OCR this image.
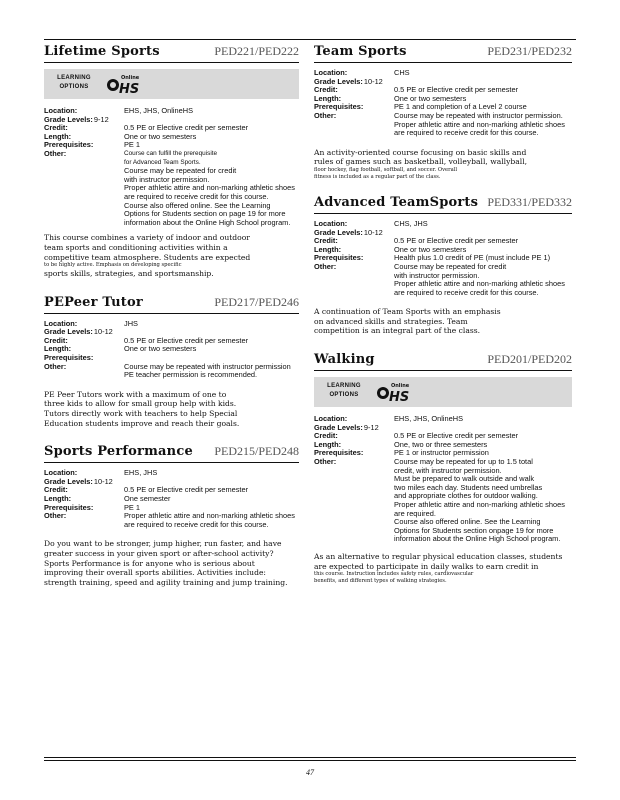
Lifetime Sports	PED221/PED222
LEARNING
OPTIONS
Online
HS
Location:	EHS, JHS, OnlineHS
Grade Levels: 9-12
Credit:	0.5 PE or Elective credit per semester
Length:	One or two semesters
Prerequisites:	PE 1
Other:	Course can fulfill the prerequisite
for Advanced Team Sports.
Course may be repeated for credit
with instructor permission.
Proper athletic attire and non-marking athletic shoes
are required to receive credit for this course.
Course also offered online. See the Learning
Options for Students section on page 19 for more
information about the Online High School program.
This course combines a variety of indoor and outdoor
team sports and conditioning activities within a
competitive team atmosphere. Students are expected
to be highly active. Emphasis on developing specific
sports skills, strategies, and sportsmanship.
PEPeer Tutor	PED217/PED246
Location:	JHS
Grade Levels: 10-12
Credit:	0.5 PE or Elective credit per semester
Length:	One or two semesters
Prerequisites:
Other:	Course may be repeated with instructor permission
PE teacher permission is recommended.
PE Peer Tutors work with a maximum of one to
three kids to allow for small group help with kids.
Tutors directly work with teachers to help Special
Education students improve and reach their goals.
Sports Performance PED215/PED248
Location:	EHS, JHS
Grade Levels: 10-12
Credit:	0.5 PE or Elective credit per semester
Length:	One semester
Prerequisites:	PE 1
Other:	Proper athletic attire and non-marking athletic shoes
are required to receive credit for this course.
Do you want to be stronger, jump higher, run faster, and have
greater success in your given sport or after-school activity?
Sports Performance is for anyone who is serious about
improving their overall sports abilities. Activities include:
strength training, speed and agility training and jump training.
Team Sports	PED231/PED232
Location:	CHS
Grade Levels: 10-12
Credit:	0.5 PE or Elective credit per semester
Length:	One or two semesters
Prerequisites:	PE 1 and completion of a Level 2 course
Other:	Course may be repeated with instructor permission.
Proper athletic attire and non-marking athletic shoes
are required to receive credit for this course.
An activity-oriented course focusing on basic skills and
rules of games such as basketball, volleyball, wallyball,
floor hockey, flag football, softball, and soccer. Overall
fitness is included as a regular part of the class.
Advanced TeamSports PED331/PED332
Location:	CHS, JHS
Grade Levels: 10-12
Credit:	0.5 PE or Elective credit per semester
Length:	One or two semesters
Prerequisites:	Health plus 1.0 credit of PE (must include PE 1)
Other:	Course may be repeated for credit
with instructor permission.
Proper athletic attire and non-marking athletic shoes
are required to receive credit for this course.
A continuation of Team Sports with an emphasis
on advanced skills and strategies. Team
competition is an integral part of the class.
Walking	PED201/PED202
LEARNING
OPTIONS
Online
HS
Location:	EHS, JHS, OnlineHS
Grade Levels: 9-12
Credit:	0.5 PE or Elective credit per semester
Length:	One, two or three semesters
Prerequisites:	PE 1 or instructor permission
Other:	Course may be repeated for up to 1.5 total
credit, with instructor permission.
Must be prepared to walk outside and walk
two miles each day. Students need umbrellas
and appropriate clothes for outdoor walking.
Proper athletic attire and non-marking athletic shoes
are required.
Course also offered online. See the Learning
Options for Students section onpage 19 for more
information about the Online High School program.
As an alternative to regular physical education classes, students
are expected to participate in daily walks to earn credit in
this course. Instruction includes safety rules, cardiovascular
benefits, and different types of walking strategies.
47
